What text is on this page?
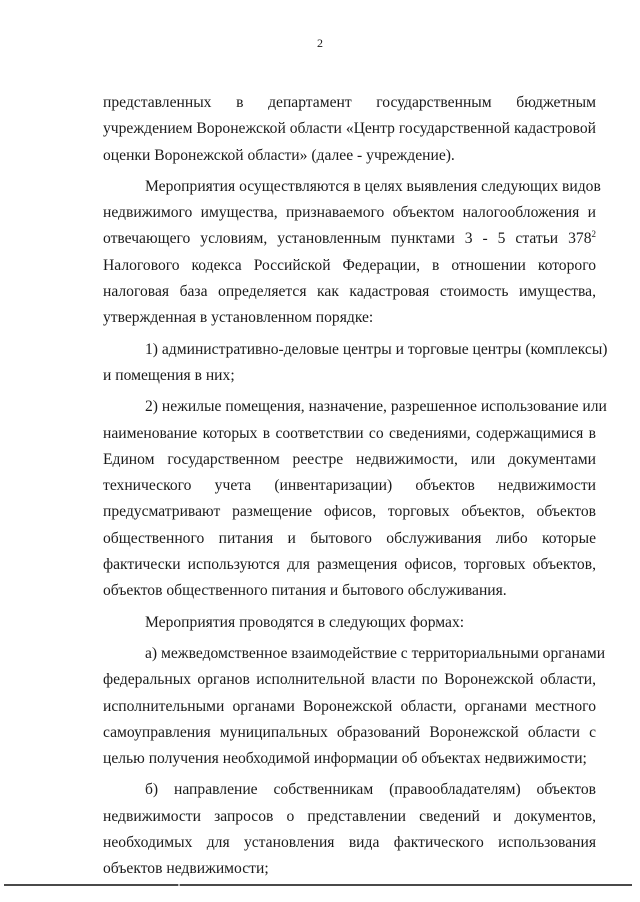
2
представленных в департамент государственным бюджетным
учреждением Воронежской области «Центр государственной кадастровой
оценки Воронежской области» (далее - учреждение).
Мероприятия осуществляются в целях выявления следующих видов
недвижимого имущества, признаваемого объектом налогообложения и
отвечающего условиям, установленным пунктами 3 - 5 статьи $378^2$
Налогового кодекса Российской Федерации, в отношении которого
налоговая база определяется как кадастровая стоимость имущества,
утвержденная в установленном порядке:
1) административно-деловые центры и торговые центры (комплексы)
и помещения в них;
2) нежилые помещения, назначение, разрешенное использование или
наименование которых в соответствии со сведениями, содержащимися в
Едином государственном реестре недвижимости, или документами
технического учета (инвентаризации) объектов недвижимости
предусматривают размещение офисов, торговых объектов, объектов
общественного питания и бытового обслуживания либо которые
фактически используются для размещения офисов, торговых объектов,
объектов общественного питания и бытового обслуживания.
Мероприятия проводятся в следующих формах:
а) межведомственное взаимодействие с территориальными органами
федеральных органов исполнительной власти по Воронежской области,
исполнительными органами Воронежской области, органами местного
самоуправления муниципальных образований Воронежской области с
целью получения необходимой информации об объектах недвижимости;
б) направление собственникам (правообладателям) объектов
недвижимости запросов о представлении сведений и документов,
необходимых для установления вида фактического использования
объектов недвижимости;
